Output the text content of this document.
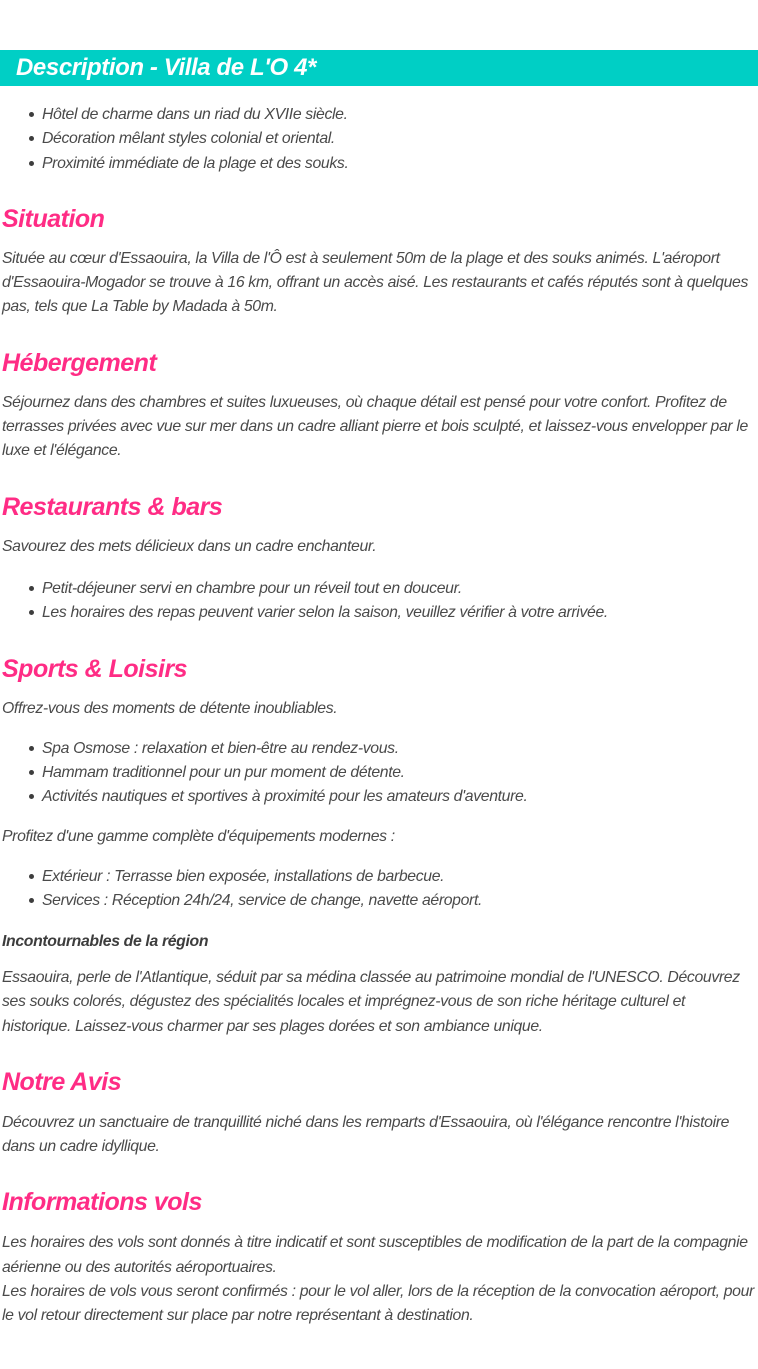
Description - Villa de L'O 4*
Hôtel de charme dans un riad du XVIIe siècle.
Décoration mêlant styles colonial et oriental.
Proximité immédiate de la plage et des souks.
Situation

Située au cœur d'Essaouira, la Villa de l'Ô est à seulement 50m de la plage et des souks animés. L'aéroport d'Essaouira-Mogador se trouve à 16 km, offrant un accès aisé. Les restaurants et cafés réputés sont à quelques pas, tels que La Table by Madada à 50m.

Hébergement

Séjournez dans des chambres et suites luxueuses, où chaque détail est pensé pour votre confort. Profitez de terrasses privées avec vue sur mer dans un cadre alliant pierre et bois sculpté, et laissez-vous envelopper par le luxe et l'élégance.

Restaurants & bars

Savourez des mets délicieux dans un cadre enchanteur.

Petit-déjeuner servi en chambre pour un réveil tout en douceur.
Les horaires des repas peuvent varier selon la saison, veuillez vérifier à votre arrivée.
Sports & Loisirs

Offrez-vous des moments de détente inoubliables.

Spa Osmose : relaxation et bien-être au rendez-vous.
Hammam traditionnel pour un pur moment de détente.
Activités nautiques et sportives à proximité pour les amateurs d'aventure.

Profitez d'une gamme complète d'équipements modernes :

Extérieur : Terrasse bien exposée, installations de barbecue.
Services : Réception 24h/24, service de change, navette aéroport.
Incontournables de la région

Essaouira, perle de l'Atlantique, séduit par sa médina classée au patrimoine mondial de l'UNESCO. Découvrez ses souks colorés, dégustez des spécialités locales et imprégnez-vous de son riche héritage culturel et historique. Laissez-vous charmer par ses plages dorées et son ambiance unique.

Notre Avis

Découvrez un sanctuaire de tranquillité niché dans les remparts d'Essaouira, où l'élégance rencontre l'histoire dans un cadre idyllique.

Informations vols

Les horaires des vols sont donnés à titre indicatif et sont susceptibles de modification de la part de la compagnie aérienne ou des autorités aéroportuaires.

Les horaires de vols vous seront confirmés : pour le vol aller, lors de la réception de la convocation aéroport, pour le vol retour directement sur place par notre représentant à destination.
